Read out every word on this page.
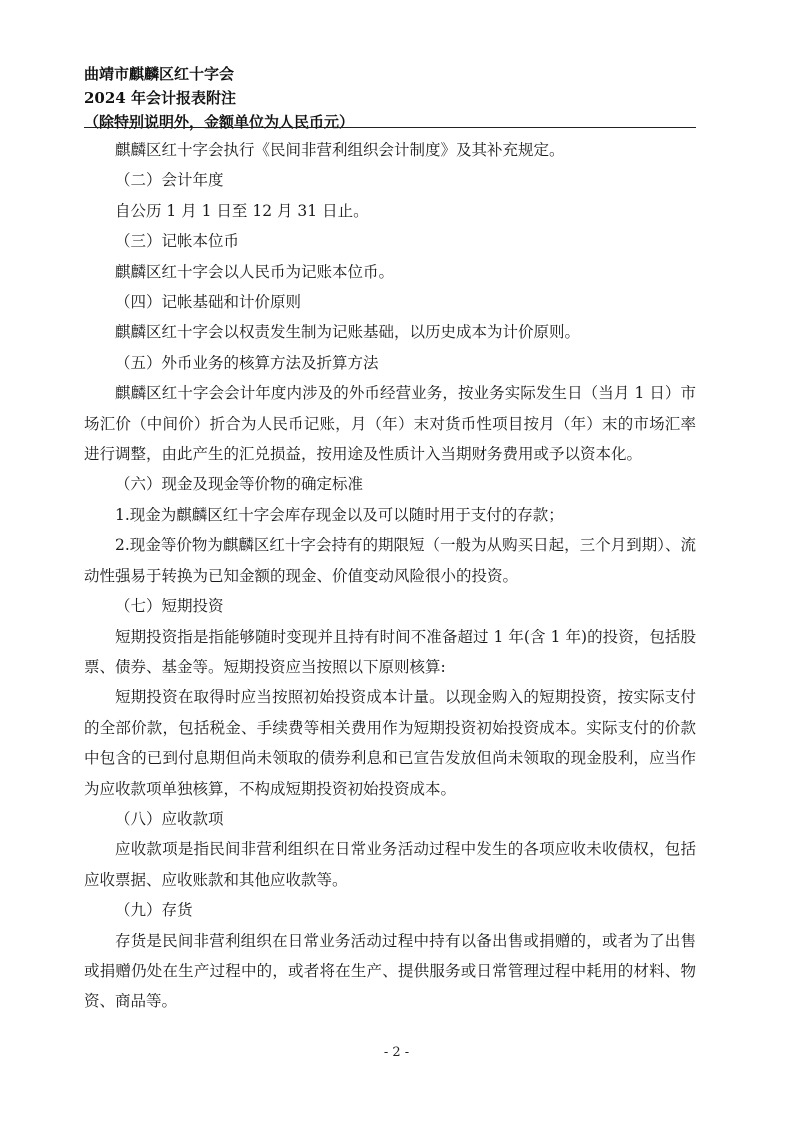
曲靖市麒麟区红十字会
2024 年会计报表附注
（除特别说明外，金额单位为人民币元）

麒麟区红十字会执行《民间非营利组织会计制度》及其补充规定。

（二）会计年度

自公历 1 月 1 日至 12 月 31 日止。

（三）记帐本位币

麒麟区红十字会以人民币为记账本位币。

（四）记帐基础和计价原则

麒麟区红十字会以权责发生制为记账基础，以历史成本为计价原则。

（五）外币业务的核算方法及折算方法

麒麟区红十字会会计年度内涉及的外币经营业务，按业务实际发生日（当月 1 日）市场汇价（中间价）折合为人民币记账，月（年）末对货币性项目按月（年）末的市场汇率进行调整，由此产生的汇兑损益，按用途及性质计入当期财务费用或予以资本化。

（六）现金及现金等价物的确定标准

1.现金为麒麟区红十字会库存现金以及可以随时用于支付的存款；

2.现金等价物为麒麟区红十字会持有的期限短（一般为从购买日起，三个月到期）、流动性强易于转换为已知金额的现金、价值变动风险很小的投资。

（七）短期投资

短期投资指是指能够随时变现并且持有时间不准备超过 1 年(含 1 年)的投资，包括股票、债券、基金等。短期投资应当按照以下原则核算:

短期投资在取得时应当按照初始投资成本计量。以现金购入的短期投资，按实际支付的全部价款，包括税金、手续费等相关费用作为短期投资初始投资成本。实际支付的价款中包含的已到付息期但尚未领取的债券利息和已宣告发放但尚未领取的现金股利，应当作为应收款项单独核算，不构成短期投资初始投资成本。

（八）应收款项

应收款项是指民间非营利组织在日常业务活动过程中发生的各项应收未收债权，包括应收票据、应收账款和其他应收款等。

（九）存货

存货是民间非营利组织在日常业务活动过程中持有以备出售或捐赠的，或者为了出售或捐赠仍处在生产过程中的，或者将在生产、提供服务或日常管理过程中耗用的材料、物资、商品等。

- 2 -
